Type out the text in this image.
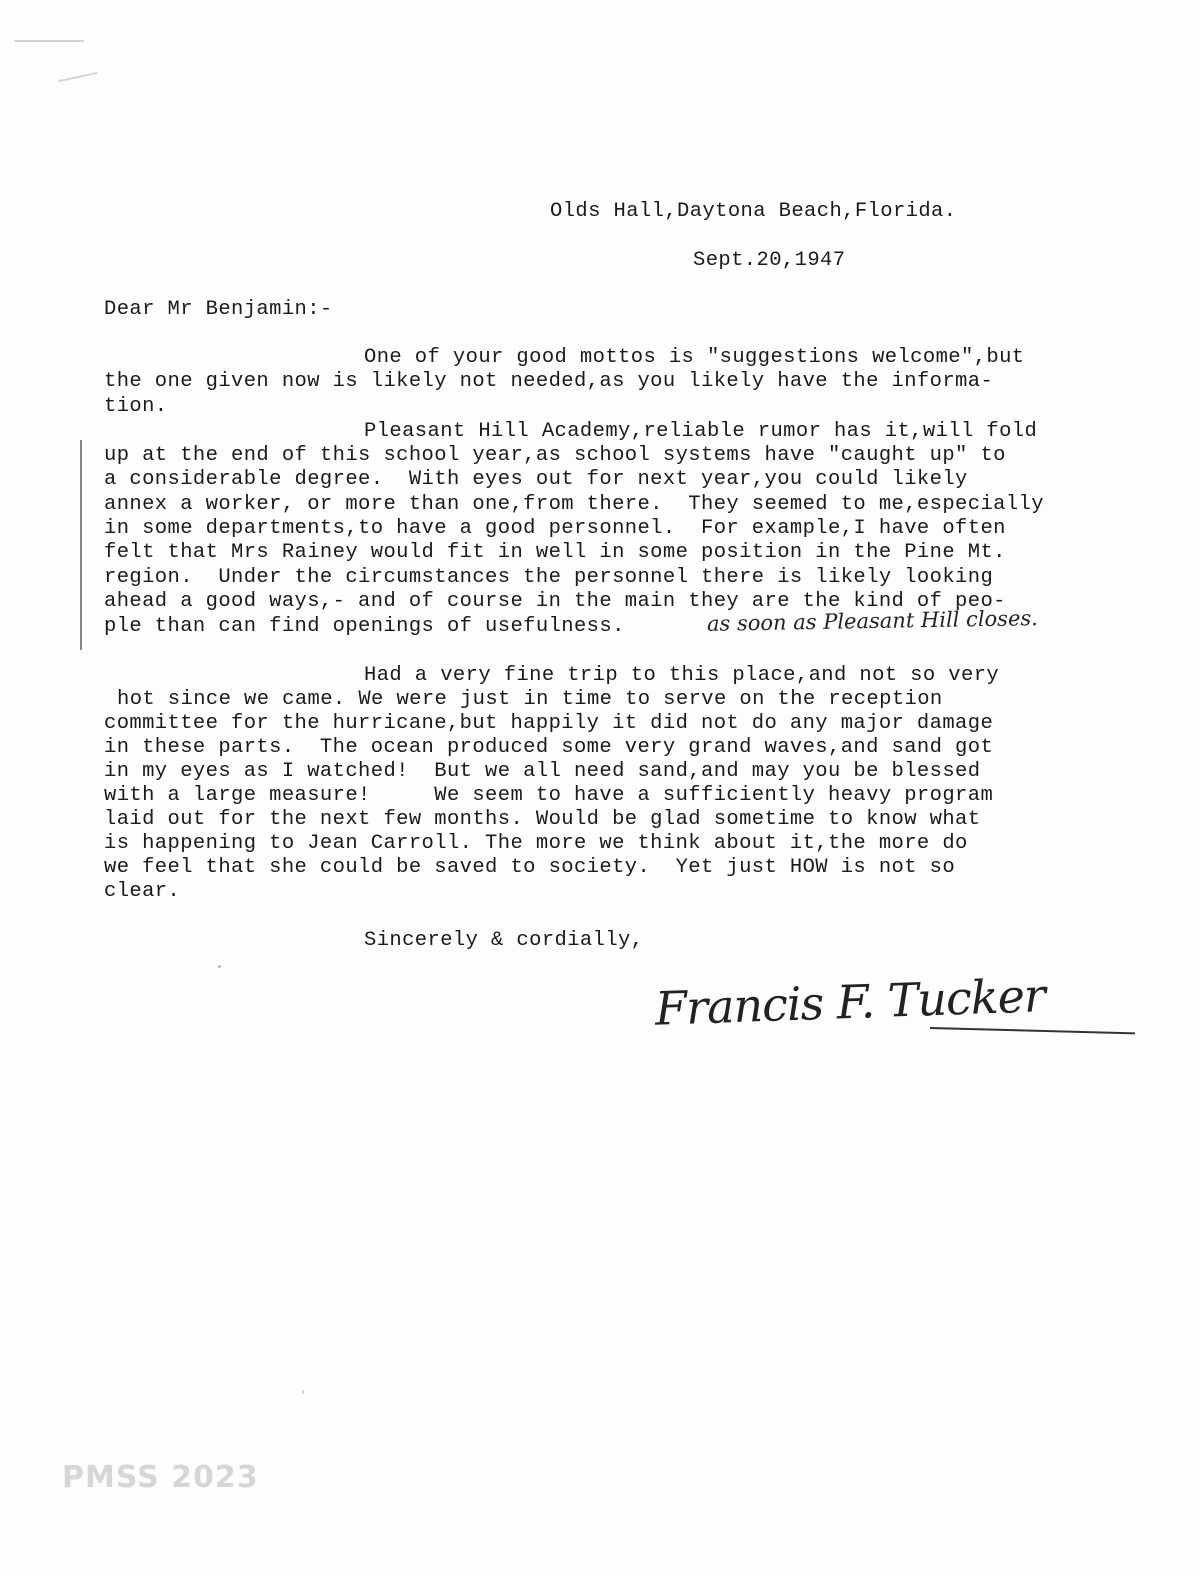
Olds Hall,Daytona Beach,Florida.
Sept.20,1947
Dear Mr Benjamin:-
One of your good mottos is "suggestions welcome",but
the one given now is likely not needed,as you likely have the informa-
tion.
Pleasant Hill Academy,reliable rumor has it,will fold
up at the end of this school year,as school systems have "caught up" to
a considerable degree.  With eyes out for next year,you could likely
annex a worker, or more than one,from there.  They seemed to me,especially
in some departments,to have a good personnel.  For example,I have often
felt that Mrs Rainey would fit in well in some position in the Pine Mt.
region.  Under the circumstances the personnel there is likely looking
ahead a good ways,- and of course in the main they are the kind of peo-
ple than can find openings of usefulness.	as soon as Pleasant Hill closes.
Had a very fine trip to this place,and not so very
hot since we came. We were just in time to serve on the reception
committee for the hurricane,but happily it did not do any major damage
in these parts.  The ocean produced some very grand waves,and sand got
in my eyes as I watched!  But we all need sand,and may you be blessed
with a large measure!     We seem to have a sufficiently heavy program
laid out for the next few months. Would be glad sometime to know what
is happening to Jean Carroll. The more we think about it,the more do
we feel that she could be saved to society.  Yet just HOW is not so
clear.
Sincerely & cordially,
Francis F. Tucker
PMSS 2023
